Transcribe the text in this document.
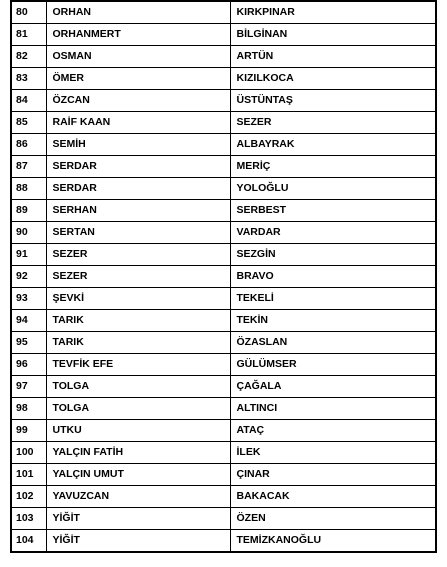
80	ORHAN	KIRKPINAR
81	ORHANMERT	BİLGİNAN
82	OSMAN	ARTÜN
83	ÖMER	KIZILKOCA
84	ÖZCAN	ÜSTÜNTAŞ
85	RAİF KAAN	SEZER
86	SEMİH	ALBAYRAK
87	SERDAR	MERİÇ
88	SERDAR	YOLOĞLU
89	SERHAN	SERBEST
90	SERTAN	VARDAR
91	SEZER	SEZGİN
92	SEZER	BRAVO
93	ŞEVKİ	TEKELİ
94	TARIK	TEKİN
95	TARIK	ÖZASLAN
96	TEVFİK EFE	GÜLÜMSER
97	TOLGA	ÇAĞALA
98	TOLGA	ALTINCI
99	UTKU	ATAÇ
100	YALÇIN FATİH	İLEK
101	YALÇIN UMUT	ÇINAR
102	YAVUZCAN	BAKACAK
103	YİĞİT	ÖZEN
104	YİĞİT	TEMİZKANOĞLU
